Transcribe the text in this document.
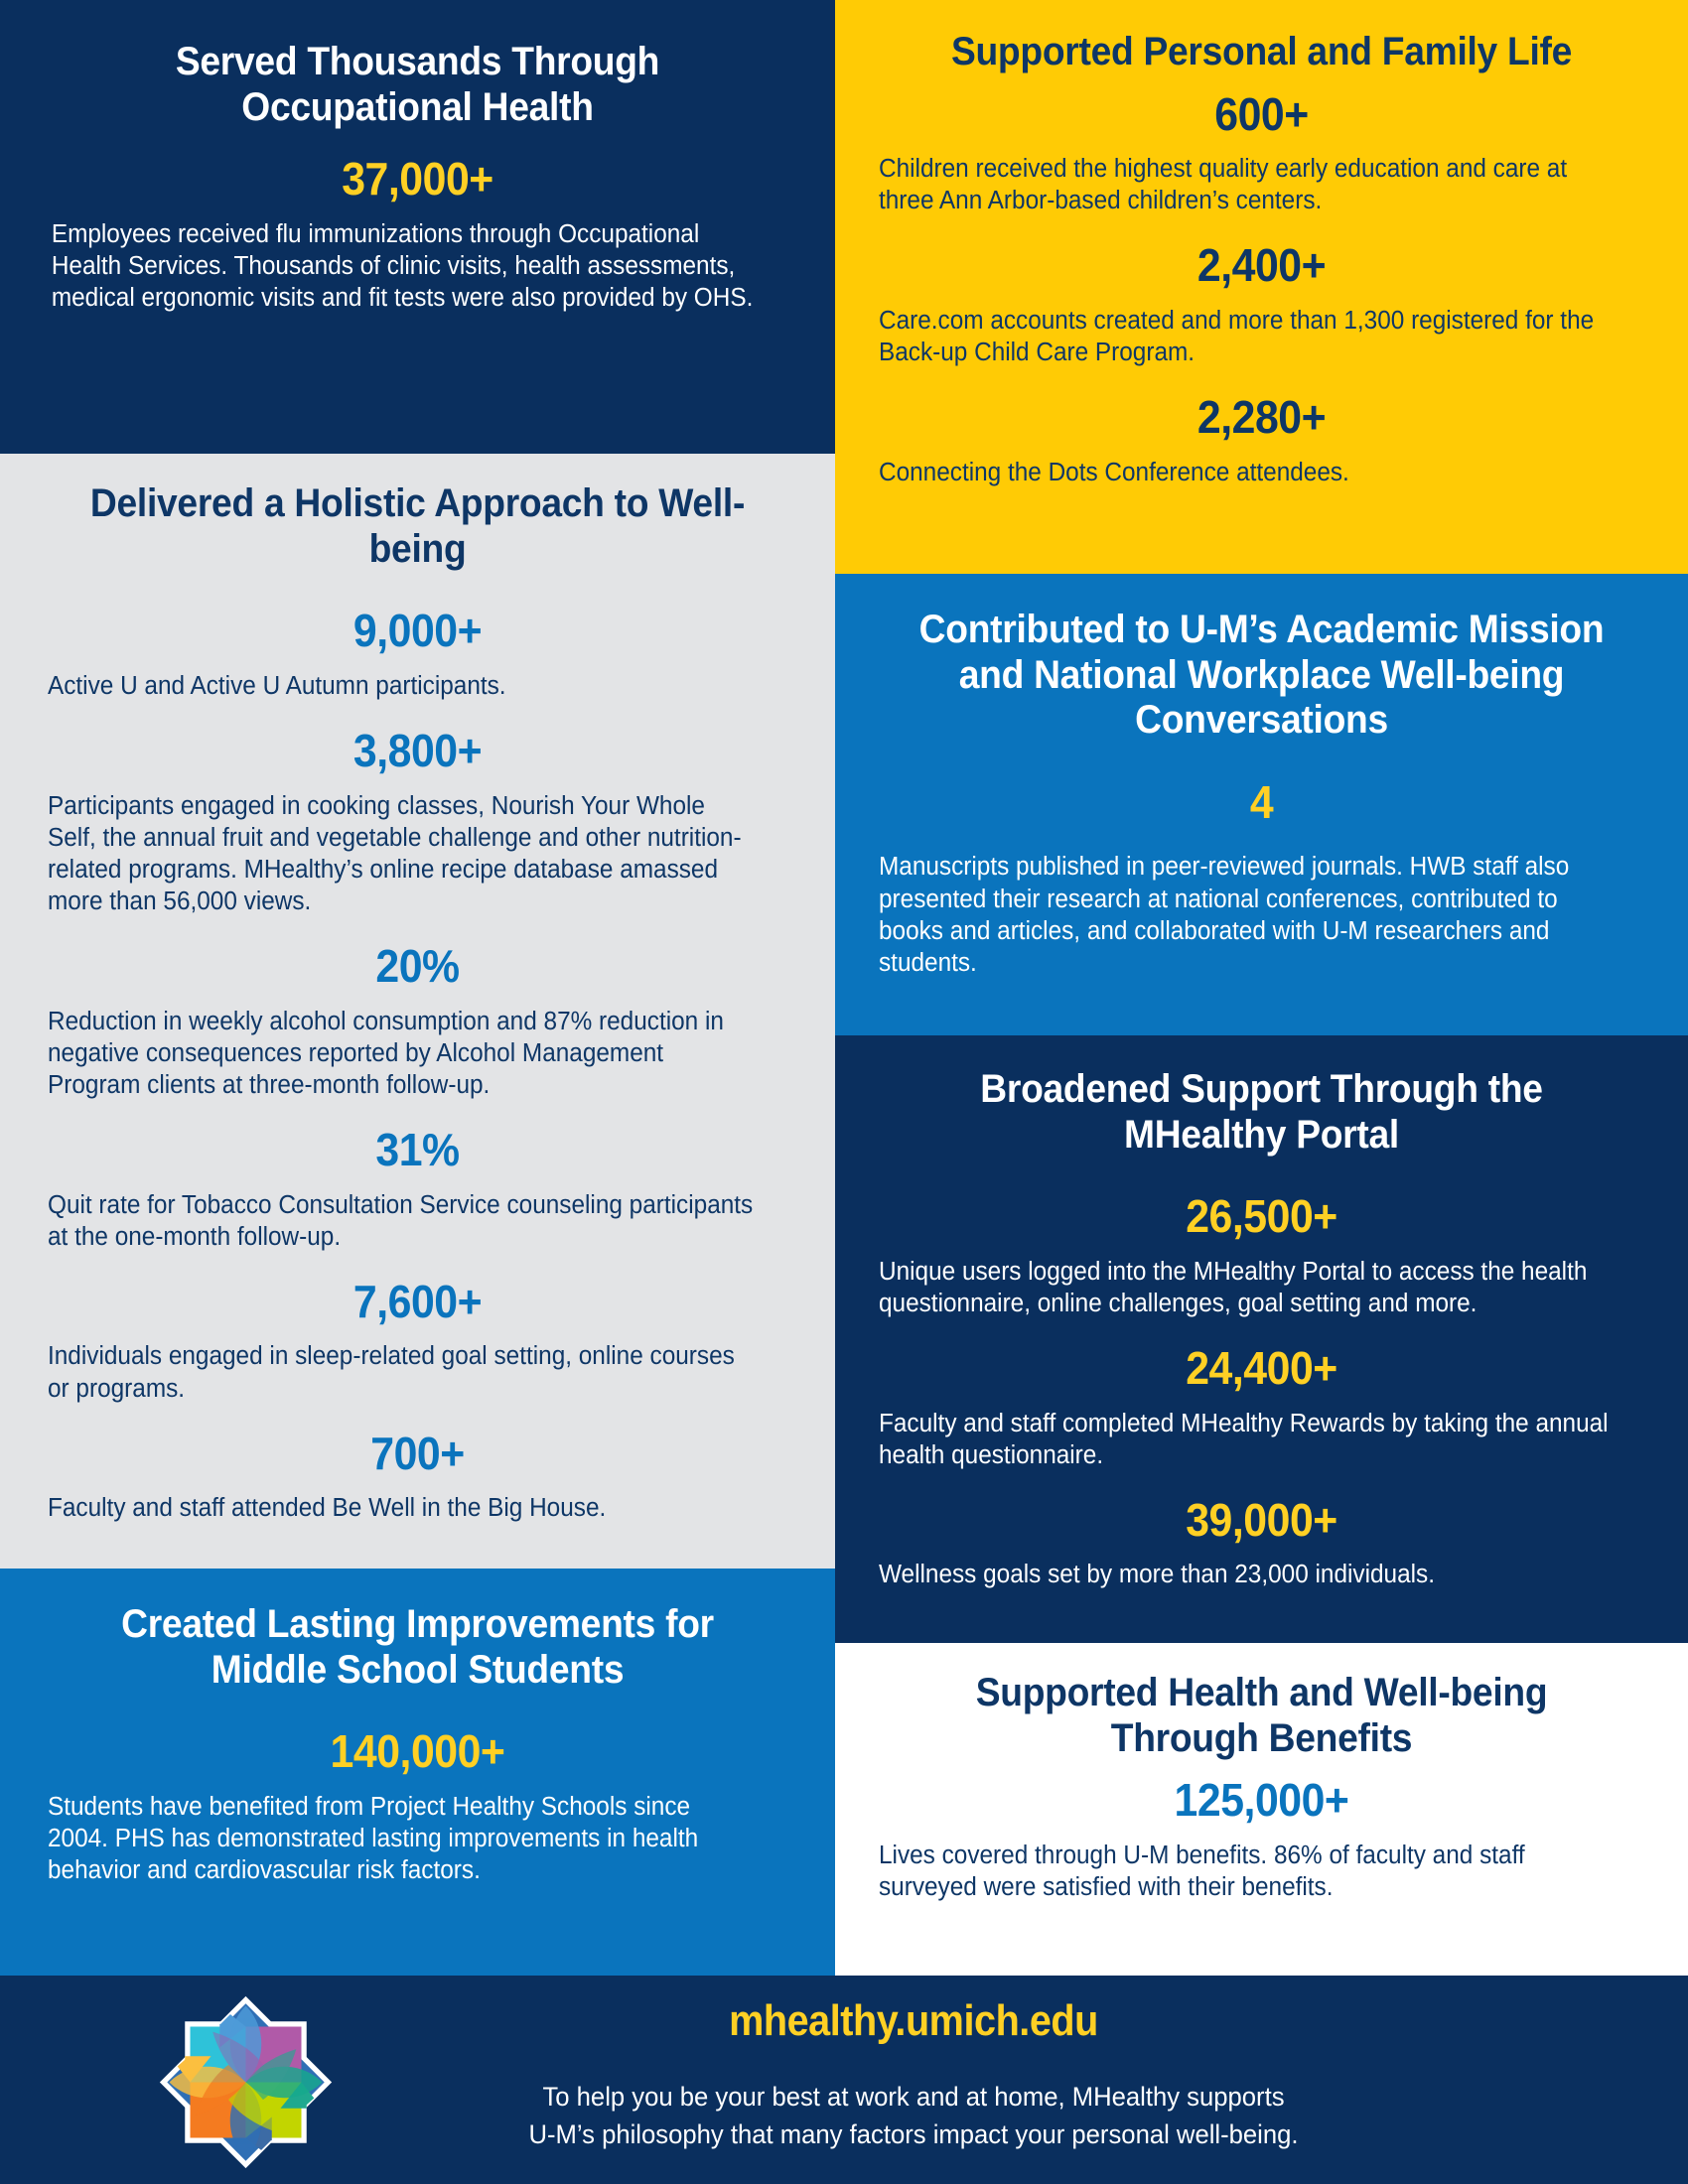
Served Thousands Through Occupational Health
37,000+

Employees received flu immunizations through Occupational Health Services. Thousands of clinic visits, health assessments, medical ergonomic visits and fit tests were also provided by OHS.

Delivered a Holistic Approach to Well-being
9,000+

Active U and Active U Autumn participants.

3,800+

Participants engaged in cooking classes, Nourish Your Whole Self, the annual fruit and vegetable challenge and other nutrition-related programs. MHealthy’s online recipe database amassed more than 56,000 views.

20%

Reduction in weekly alcohol consumption and 87% reduction in negative consequences reported by Alcohol Management Program clients at three-month follow-up.

31%

Quit rate for Tobacco Consultation Service counseling participants at the one-month follow-up.

7,600+

Individuals engaged in sleep-related goal setting, online courses or programs.

700+

Faculty and staff attended Be Well in the Big House.

Created Lasting Improvements for Middle School Students
140,000+

Students have benefited from Project Healthy Schools since 2004. PHS has demonstrated lasting improvements in health behavior and cardiovascular risk factors.

Supported Personal and Family Life
600+

Children received the highest quality early education and care at three Ann Arbor-based children’s centers.

2,400+

Care.com accounts created and more than 1,300 registered for the Back-up Child Care Program.

2,280+

Connecting the Dots Conference attendees.

Contributed to U-M’s Academic Mission and National Workplace Well-being Conversations
4

Manuscripts published in peer-reviewed journals. HWB staff also presented their research at national conferences, contributed to books and articles, and collaborated with U-M researchers and students.

Broadened Support Through the MHealthy Portal
26,500+

Unique users logged into the MHealthy Portal to access the health questionnaire, online challenges, goal setting and more.

24,400+

Faculty and staff completed MHealthy Rewards by taking the annual health questionnaire.

39,000+

Wellness goals set by more than 23,000 individuals.

Supported Health and Well-being Through Benefits
125,000+

Lives covered through U-M benefits. 86% of faculty and staff surveyed were satisfied with their benefits.

mhealthy.umich.edu
To help you be your best at work and at home, MHealthy supports
U-M’s philosophy that many factors impact your personal well-being.
